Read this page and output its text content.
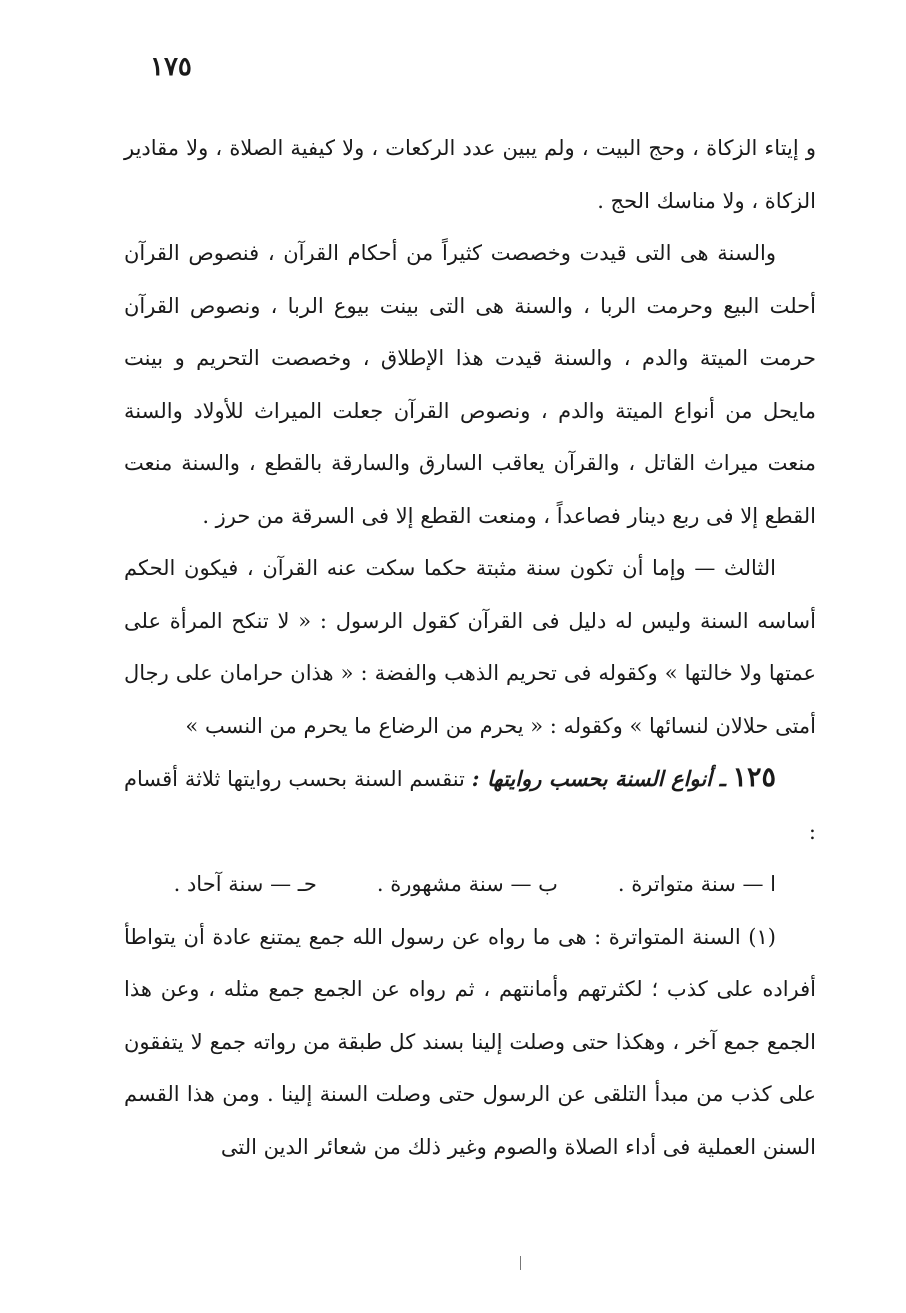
١٧٥

و إيتاء الزكاة ، وحج البيت ، ولم يبين عدد الركعات ، ولا كيفية الصلاة ، ولا مقادير الزكاة ، ولا مناسك الحج .

والسنة هى التى قيدت وخصصت كثيراً من أحكام القرآن ، فنصوص القرآن أحلت البيع وحرمت الربا ، والسنة هى التى بينت بيوع الربا ، ونصوص القرآن حرمت الميتة والدم ، والسنة قيدت هذا الإطلاق ، وخصصت التحريم و بينت مايحل من أنواع الميتة والدم ، ونصوص القرآن جعلت الميراث للأولاد والسنة منعت ميراث القاتل ، والقرآن يعاقب السارق والسارقة بالقطع ، والسنة منعت القطع إلا فى ربع دينار فصاعداً ، ومنعت القطع إلا فى السرقة من حرز .

الثالث — وإما أن تكون سنة مثبتة حكما سكت عنه القرآن ، فيكون الحكم أساسه السنة وليس له دليل فى القرآن كقول الرسول : « لا تنكح المرأة على عمتها ولا خالتها » وكقوله فى تحريم الذهب والفضة : « هذان حرامان على رجال أمتى حلالان لنسائها » وكقوله : « يحرم من الرضاع ما يحرم من النسب »

١٢٥ ـ أنواع السنة بحسب روايتها : تنقسم السنة بحسب روايتها ثلاثة أقسام :

ا — سنة متواترة .
ب — سنة مشهورة .
حـ — سنة آحاد .

(١) السنة المتواترة : هى ما رواه عن رسول الله جمع يمتنع عادة أن يتواطأ أفراده على كذب ؛ لكثرتهم وأمانتهم ، ثم رواه عن الجمع جمع مثله ، وعن هذا الجمع جمع آخر ، وهكذا حتى وصلت إلينا بسند كل طبقة من رواته جمع لا يتفقون على كذب من مبدأ التلقى عن الرسول حتى وصلت السنة إلينا . ومن هذا القسم السنن العملية فى أداء الصلاة والصوم وغير ذلك من شعائر الدين التى
